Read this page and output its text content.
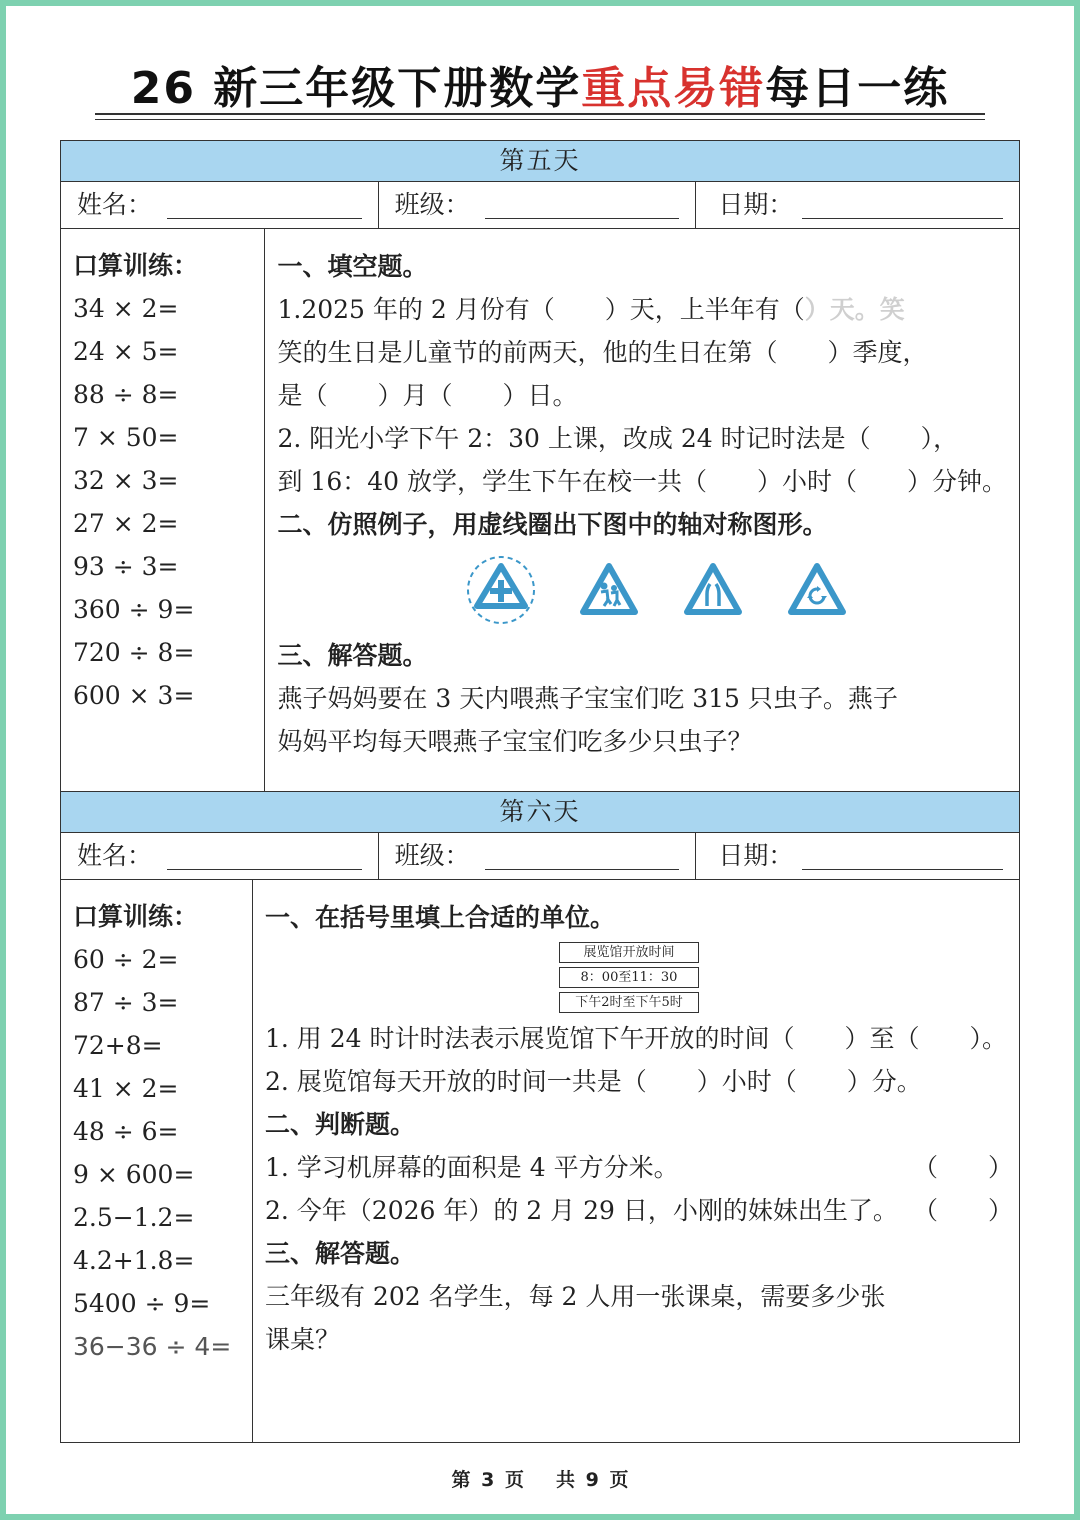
26 新三年级下册数学重点易错每日一练
第五天
姓名：	班级：	日期：
口算训练：
34 × 2=
24 × 5=
88 ÷ 8=
7 × 50=
32 × 3=
27 × 2=
93 ÷ 3=
360 ÷ 9=
720 ÷ 8=
600 × 3=
一、填空题。
1.2025 年的 2 月份有（　　）天，上半年有（）天。笑
笑的生日是儿童节的前两天，他的生日在第（　　）季度，
是（　　）月（　　）日。
2. 阳光小学下午 2：30 上课，改成 24 时记时法是（　　），
到 16：40 放学，学生下午在校一共（　　）小时（　　）分钟。
二、仿照例子，用虚线圈出下图中的轴对称图形。
三、解答题。
燕子妈妈要在 3 天内喂燕子宝宝们吃 315 只虫子。燕子
妈妈平均每天喂燕子宝宝们吃多少只虫子？
第六天
姓名：	班级：	日期：
口算训练：
60 ÷ 2=
87 ÷ 3=
72+8=
41 × 2=
48 ÷ 6=
9 × 600=
2.5−1.2=
4.2+1.8=
5400 ÷ 9=
36−36 ÷ 4=
一、在括号里填上合适的单位。
展览馆开放时间
8：00至11：30
下午2时至下午5时
1. 用 24 时计时法表示展览馆下午开放的时间（　　）至（　　）。
2. 展览馆每天开放的时间一共是（　　）小时（　　）分。
二、判断题。
1. 学习机屏幕的面积是 4 平方分米。	（　　）
2. 今年（2026 年）的 2 月 29 日，小刚的妹妹出生了。 （　　）
三、解答题。
三年级有 202 名学生，每 2 人用一张课桌，需要多少张
课桌？
第 3 页 共 9 页
